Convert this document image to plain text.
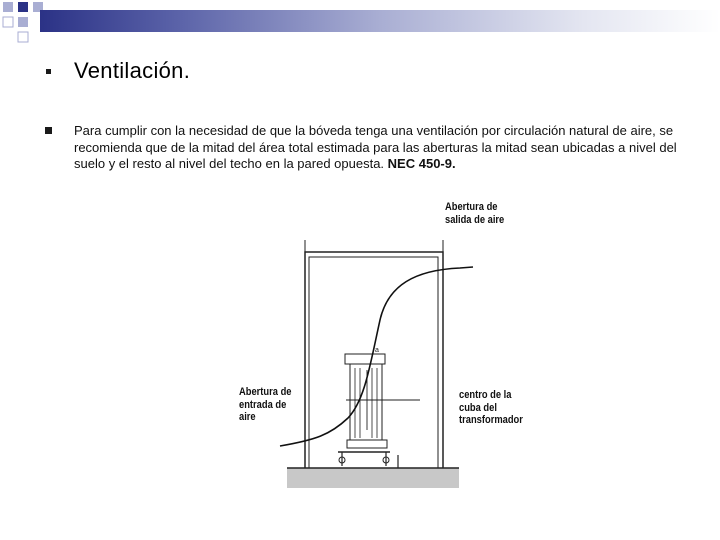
Ventilación.
Para cumplir con la necesidad de que la bóveda tenga una ventilación por circulación natural de aire, se recomienda que de la mitad del área total estimada para las aberturas la mitad sean ubicadas a nivel del suelo y el resto al nivel del techo en la pared opuesta. NEC 450-9.
a
Abertura de
salida de aire
Abertura de
entrada de
aire
centro de la
cuba del
transformador
